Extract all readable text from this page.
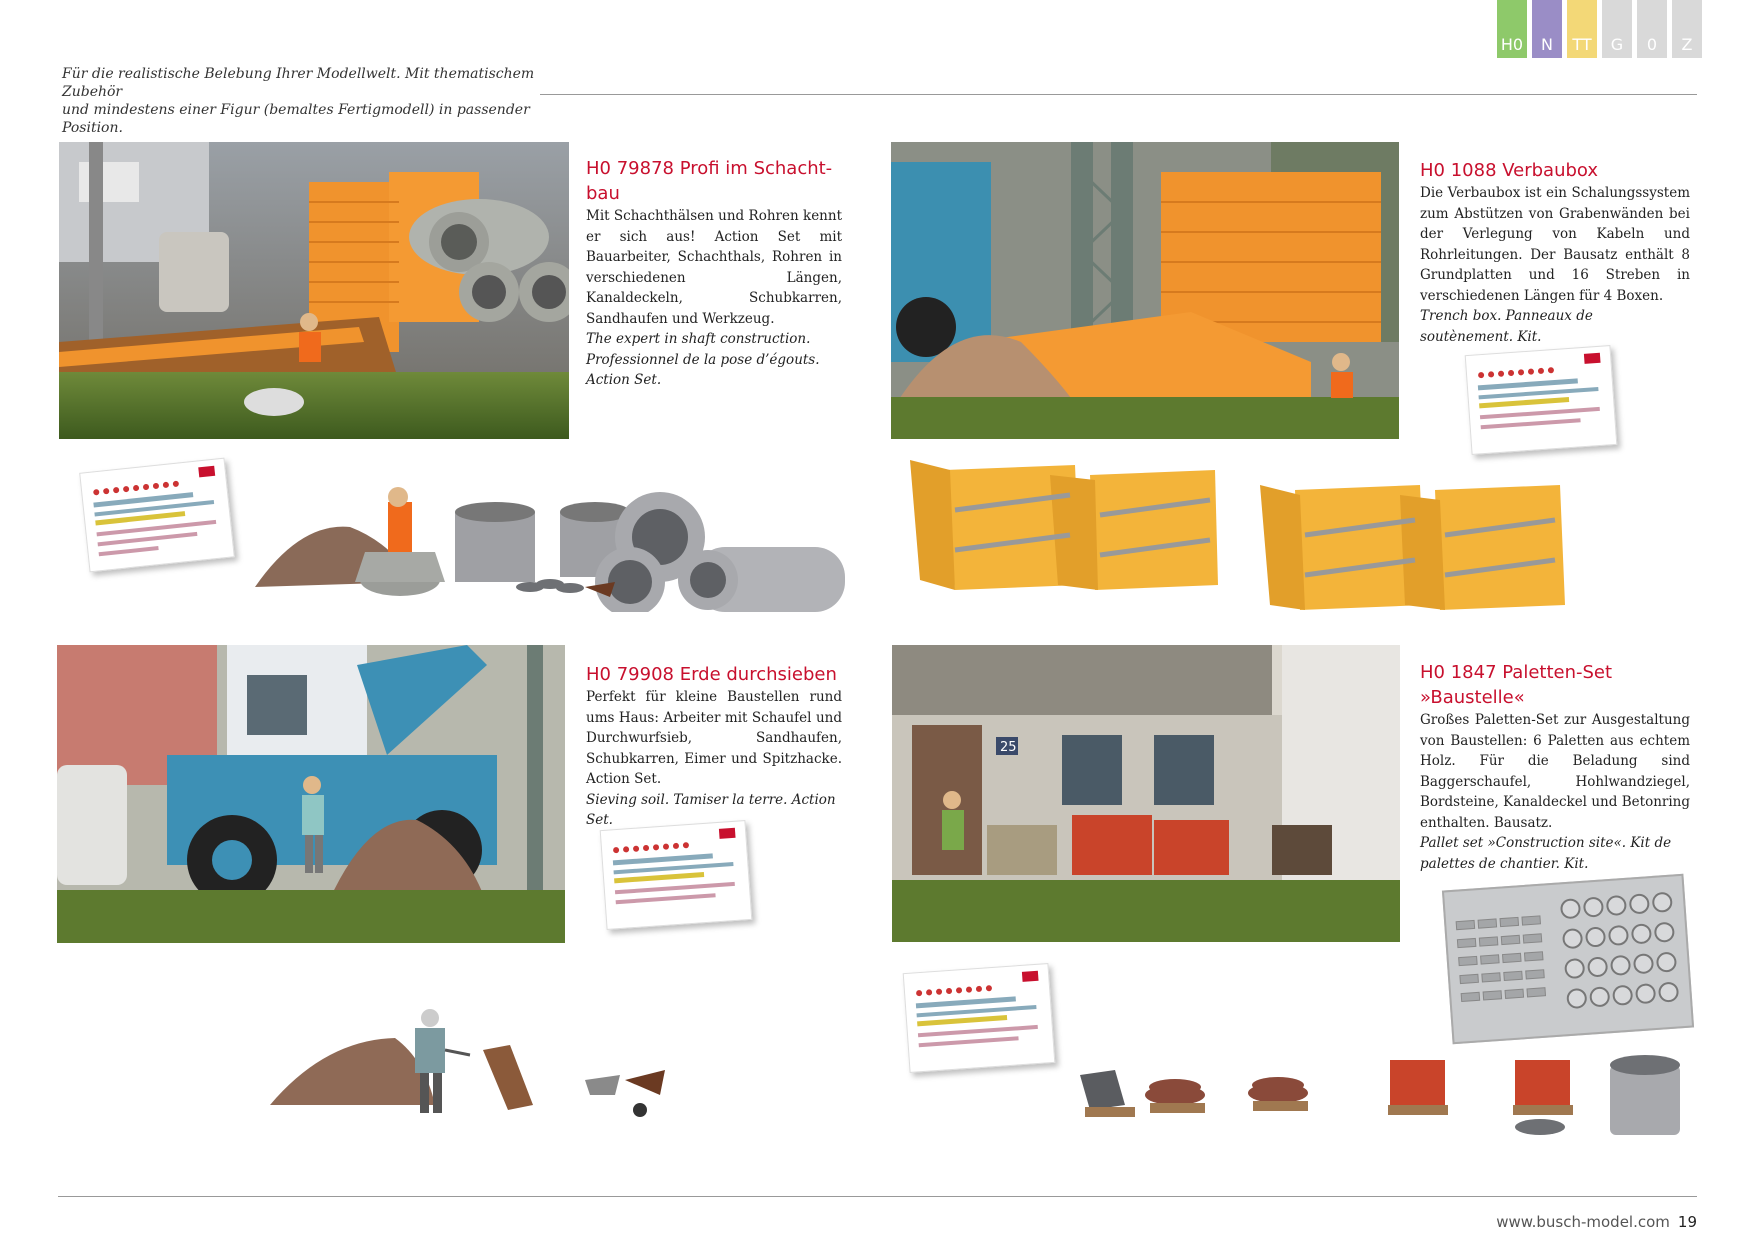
H0	N	TT	G	0	Z
Für die realistische Belebung Ihrer Modellwelt. Mit thematischem Zubehör
und mindestens einer Figur (bemaltes Fertigmodell) in passender Position.
H0 79878 Profi im Schacht-
bau

Mit Schachthälsen und Rohren kennt er sich aus! Action Set mit Bauarbeiter, Schachthals, Rohren in verschiedenen Längen, Kanaldeckeln, Schubkarren, Sandhaufen und Werkzeug.

The expert in shaft construction. Professionnel de la pose d’égouts. Action Set.

H0 1088 Verbaubox

Die Verbaubox ist ein Schalungssystem zum Abstützen von Grabenwänden bei der Verlegung von Kabeln und Rohrleitungen. Der Bausatz enthält 8 Grundplatten und 16 Streben in verschiedenen Längen für 4 Boxen.

Trench box. Panneaux de soutènement. Kit.

H0 79908 Erde durchsieben

Perfekt für kleine Baustellen rund ums Haus: Arbeiter mit Schaufel und Durchwurfsieb, Sandhaufen, Schubkarren, Eimer und Spitzhacke. Action Set.

Sieving soil. Tamiser la terre. Action Set.

25
H0 1847 Paletten-Set
»Baustelle«

Großes Paletten-Set zur Ausgestaltung von Baustellen: 6 Paletten aus echtem Holz. Für die Beladung sind Baggerschaufel, Hohlwandziegel, Bordsteine, Kanaldeckel und Betonring enthalten. Bausatz.

Pallet set »Construction site«. Kit de palettes de chantier. Kit.

www.busch-model.com 19
